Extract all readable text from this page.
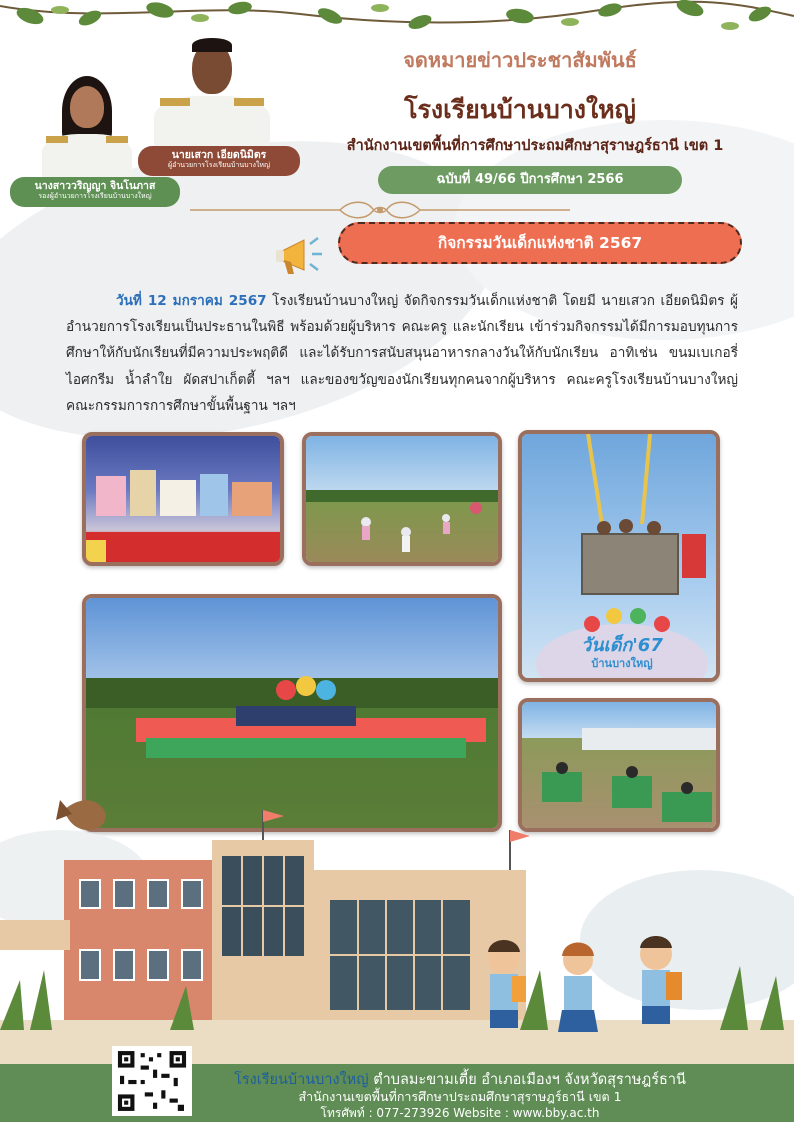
จดหมายข่าวประชาสัมพันธ์
โรงเรียนบ้านบางใหญ่
สำนักงานเขตพื้นที่การศึกษาประถมศึกษาสุราษฎร์ธานี เขต 1
ฉบับที่ 49/66 ปีการศึกษา 2566
นายเสวก เอียดนิมิตร
ผู้อำนวยการโรงเรียนบ้านบางใหญ่
นางสาววริญญา จินโนภาส
รองผู้อำนวยการโรงเรียนบ้านบางใหญ่
กิจกรรมวันเด็กแห่งชาติ 2567

วันที่ 12 มกราคม 2567 โรงเรียนบ้านบางใหญ่ จัดกิจกรรมวันเด็กแห่งชาติ โดยมี นายเสวก เอียดนิมิตร ผู้อำนวยการโรงเรียนเป็นประธานในพิธี พร้อมด้วยผู้บริหาร คณะครู และนักเรียน เข้าร่วมกิจกรรมได้มีการมอบทุนการศึกษาให้กับนักเรียนที่มีความประพฤติดี และได้รับการสนับสนุนอาหารกลางวันให้กับนักเรียน อาทิเช่น ขนมเบเกอรี่ ไอศกรีม น้ำลำใย ผัดสปาเก็ตตี้ ฯลฯ และของขวัญของนักเรียนทุกคนจากผู้บริหาร คณะครูโรงเรียนบ้านบางใหญ่ คณะกรรมการการศึกษาขั้นพื้นฐาน ฯลฯ

วันเด็ก'67
บ้านบางใหญ่
โรงเรียนบ้านบางใหญ่ ตำบลมะขามเตี้ย อำเภอเมืองฯ จังหวัดสุราษฎร์ธานี
สำนักงานเขตพื้นที่การศึกษาประถมศึกษาสุราษฎร์ธานี เขต 1
โทรศัพท์ : 077-273926 Website : www.bby.ac.th
